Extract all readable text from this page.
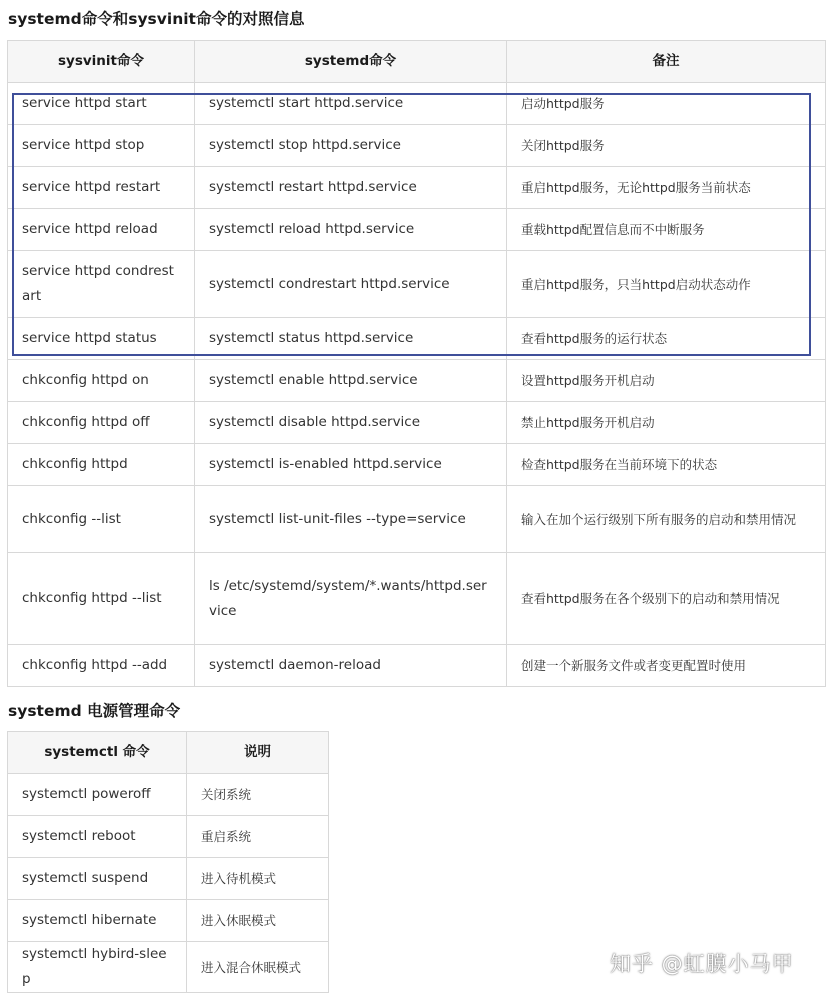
systemd命令和sysvinit命令的对照信息
sysvinit命令	systemd命令	备注
service httpd start	systemctl start httpd.service	启动httpd服务
service httpd stop	systemctl stop httpd.service	关闭httpd服务
service httpd restart	systemctl restart httpd.service	重启httpd服务，无论httpd服务当前状态
service httpd reload	systemctl reload httpd.service	重载httpd配置信息而不中断服务
service httpd condrestart	systemctl condrestart httpd.service	重启httpd服务，只当httpd启动状态动作
service httpd status	systemctl status httpd.service	查看httpd服务的运行状态
chkconfig httpd on	systemctl enable httpd.service	设置httpd服务开机启动
chkconfig httpd off	systemctl disable httpd.service	禁止httpd服务开机启动
chkconfig httpd	systemctl is-enabled httpd.service	检查httpd服务在当前环境下的状态
chkconfig --list	systemctl list-unit-files --type=service	输入在加个运行级别下所有服务的启动和禁用情况
chkconfig httpd --list	ls /etc/systemd/system/*.wants/httpd.service	查看httpd服务在各个级别下的启动和禁用情况
chkconfig httpd --add	systemctl daemon-reload	创建一个新服务文件或者变更配置时使用
systemd 电源管理命令
systemctl 命令	说明
systemctl poweroff	关闭系统
systemctl reboot	重启系统
systemctl suspend	进入待机模式
systemctl hibernate	进入休眠模式
systemctl hybird-sleep	进入混合休眠模式	知乎 @虹膜小马甲
